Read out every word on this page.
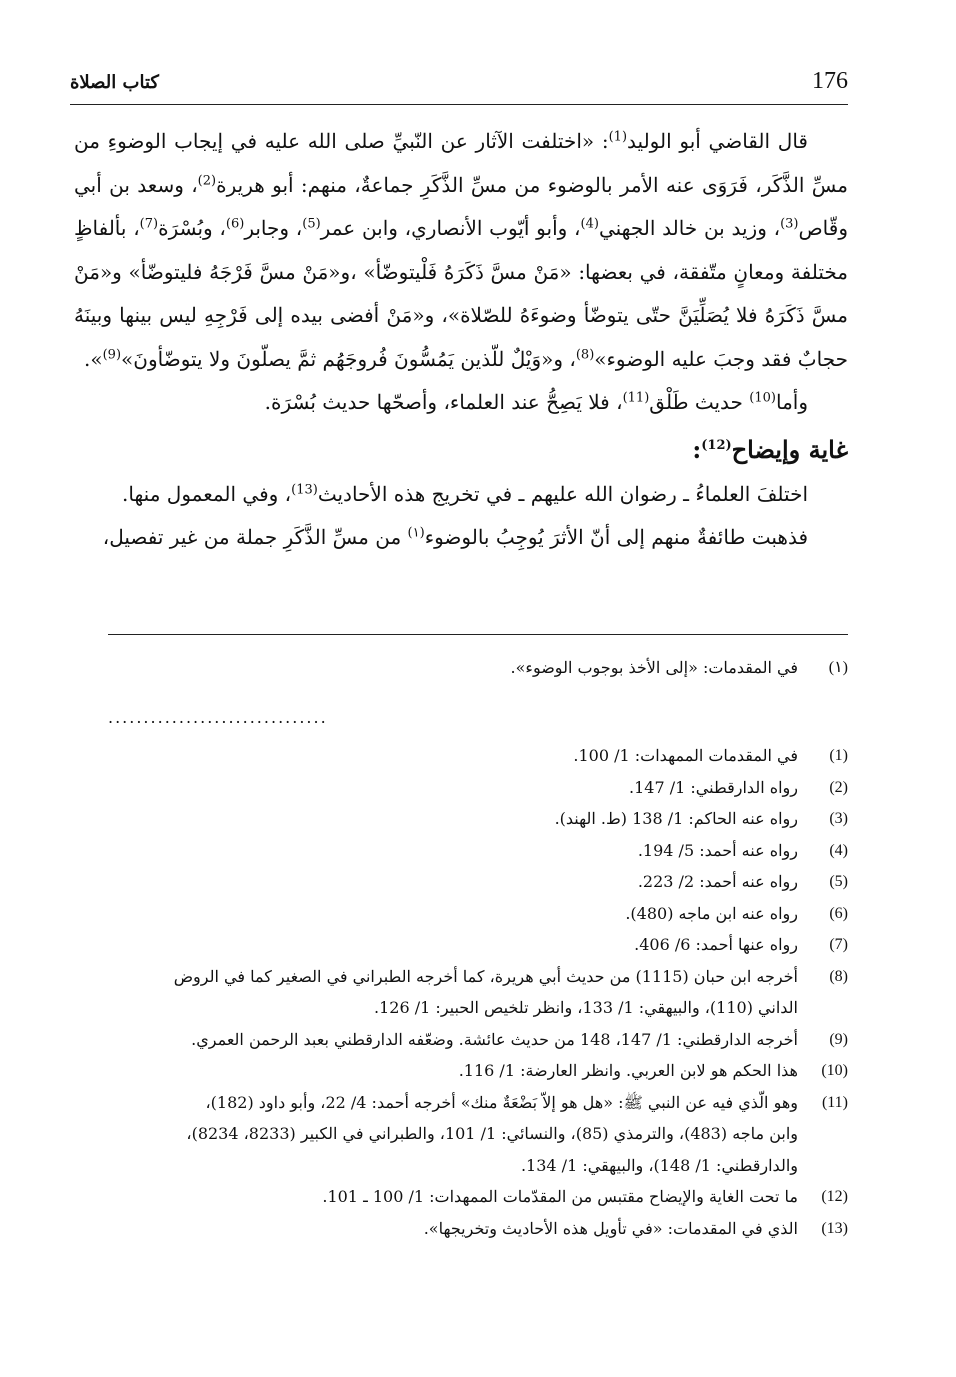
176
كتاب الصلاة

قال القاضي أبو الوليد$^{(1)}$: «اختلفت الآثار عن النّبيِّ صلى الله عليه في إيجاب الوضوءِ من مسِّ الذَّكَر، فَرَوَى عنه الأمر بالوضوء من مسِّ الذَّكَرِ جماعةٌ، منهم: أبو هريرة$^{(2)}$، وسعد بن أبي وقّاص$^{(3)}$، وزيد بن خالد الجهني$^{(4)}$، وأبو أيّوب الأنصاري، وابن عمر$^{(5)}$، وجابر$^{(6)}$، وبُسْرَة$^{(7)}$، بألفاظٍ مختلفة ومعانٍ متّفقة، في بعضها: «مَنْ مسَّ ذَكَرَهُ فَلْيتوضّأ» ،و«مَنْ مسَّ فَرْجَهُ فليتوضّأ» و«مَنْ مسَّ ذَكَرَهُ فلا يُصَلِّيَنَّ حتّى يتوضّأ وضوءَهُ للصّلاة»، و«مَنْ أفضى بيده إلى فَرْجِهِ ليس بينها وبينَهُ حجابٌ فقد وجبَ عليه الوضوء»$^{(8)}$، و«وَيْلٌ للّذين يَمُسُّونَ فُروجَهُم ثمَّ يصلّونَ ولا يتوضّأونَ»$^{(9)}$».

وأما$^{(10)}$ حديث طَلْق$^{(11)}$، فلا يَصِحُّ عند العلماء، وأصحّها حديث بُسْرَة.

غاية وإيضاح$^{(12)}$:

اختلفَ العلماءُ ـ رضوان الله عليهم ـ في تخريج هذه الأحاديث$^{(13)}$، وفي المعمول منها.

فذهبت طائفةٌ منهم إلى أنّ الأثرَ يُوجِبُ بالوضوء$^{(١)}$ من مسِّ الذَّكَرِ جملة من غير تفصيل،

(١)
في المقدمات: «إلى الأخذ بوجوب الوضوء».
...............................
(1)
في المقدمات الممهدات: 1/ 100.
(2)
رواه الدارقطني: 1/ 147.
(3)
رواه عنه الحاكم: 1/ 138 (ط. الهند).
(4)
رواه عنه أحمد: 5/ 194.
(5)
رواه عنه أحمد: 2/ 223.
(6)
رواه عنه ابن ماجه (480).
(7)
رواه عنها أحمد: 6/ 406.
(8)
أخرجه ابن حبان (1115) من حديث أبي هريرة، كما أخرجه الطبراني في الصغير كما في الروض
الداني (110)، والبيهقي: 1/ 133، وانظر تلخيص الحبير: 1/ 126.
(9)
أخرجه الدارقطني: 1/ 147، 148 من حديث عائشة. وضعّفه الدارقطني بعبد الرحمن العمري.
(10)
هذا الحكم هو لابن العربي. وانظر العارضة: 1/ 116.
(11)
وهو الّذي فيه عن النبي ﷺ: «هل هو إلاّ بَضْعَةٌ منك» أخرجه أحمد: 4/ 22، وأبو داود (182)،
وابن ماجه (483)، والترمذي (85)، والنسائي: 1/ 101، والطبراني في الكبير (8233، 8234)،
والدارقطني: 1/ 148)، والبيهقي: 1/ 134.
(12)
ما تحت الغاية والإيضاح مقتبس من المقدّمات الممهدات: 1/ 100 ـ 101.
(13)
الذي في المقدمات: «في تأويل هذه الأحاديث وتخريجها».
